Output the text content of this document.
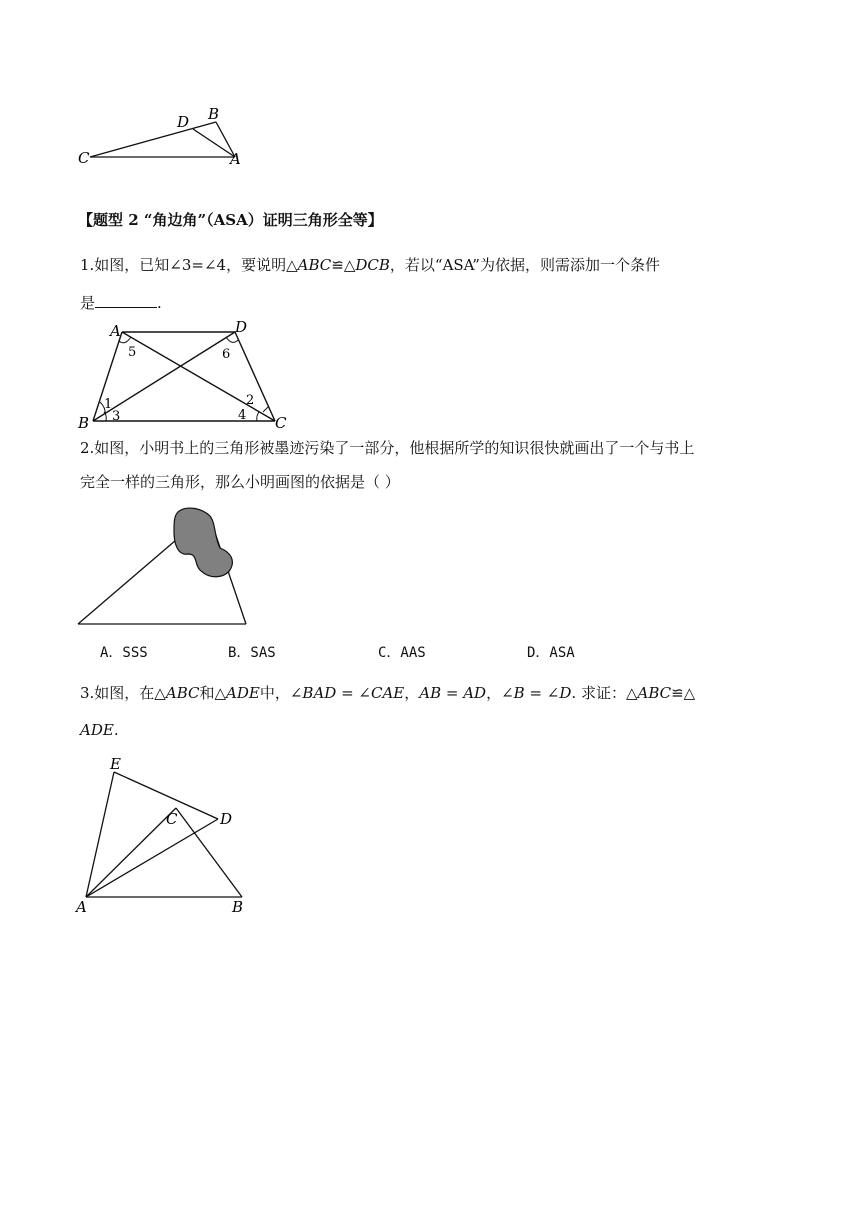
B
D
C	A
【题型 2 “角边角”（ASA）证明三角形全等】
1.如图，已知∠3=∠4，要说明△ABC≌△DCB，若以“ASA”为依据，则需添加一个条件
是	.
A	D
B	C
5	6
1
3
2
4
2.如图，小明书上的三角形被墨迹污染了一部分，他根据所学的知识很快就画出了一个与书上
完全一样的三角形，那么小明画图的依据是（ ）
A．SSS	B．SAS	C．AAS	D．ASA
3.如图，在△ABC和△ADE中，∠BAD = ∠CAE，AB = AD，∠B = ∠D. 求证：△ABC≌△
ADE.
E
C	D
A	B
